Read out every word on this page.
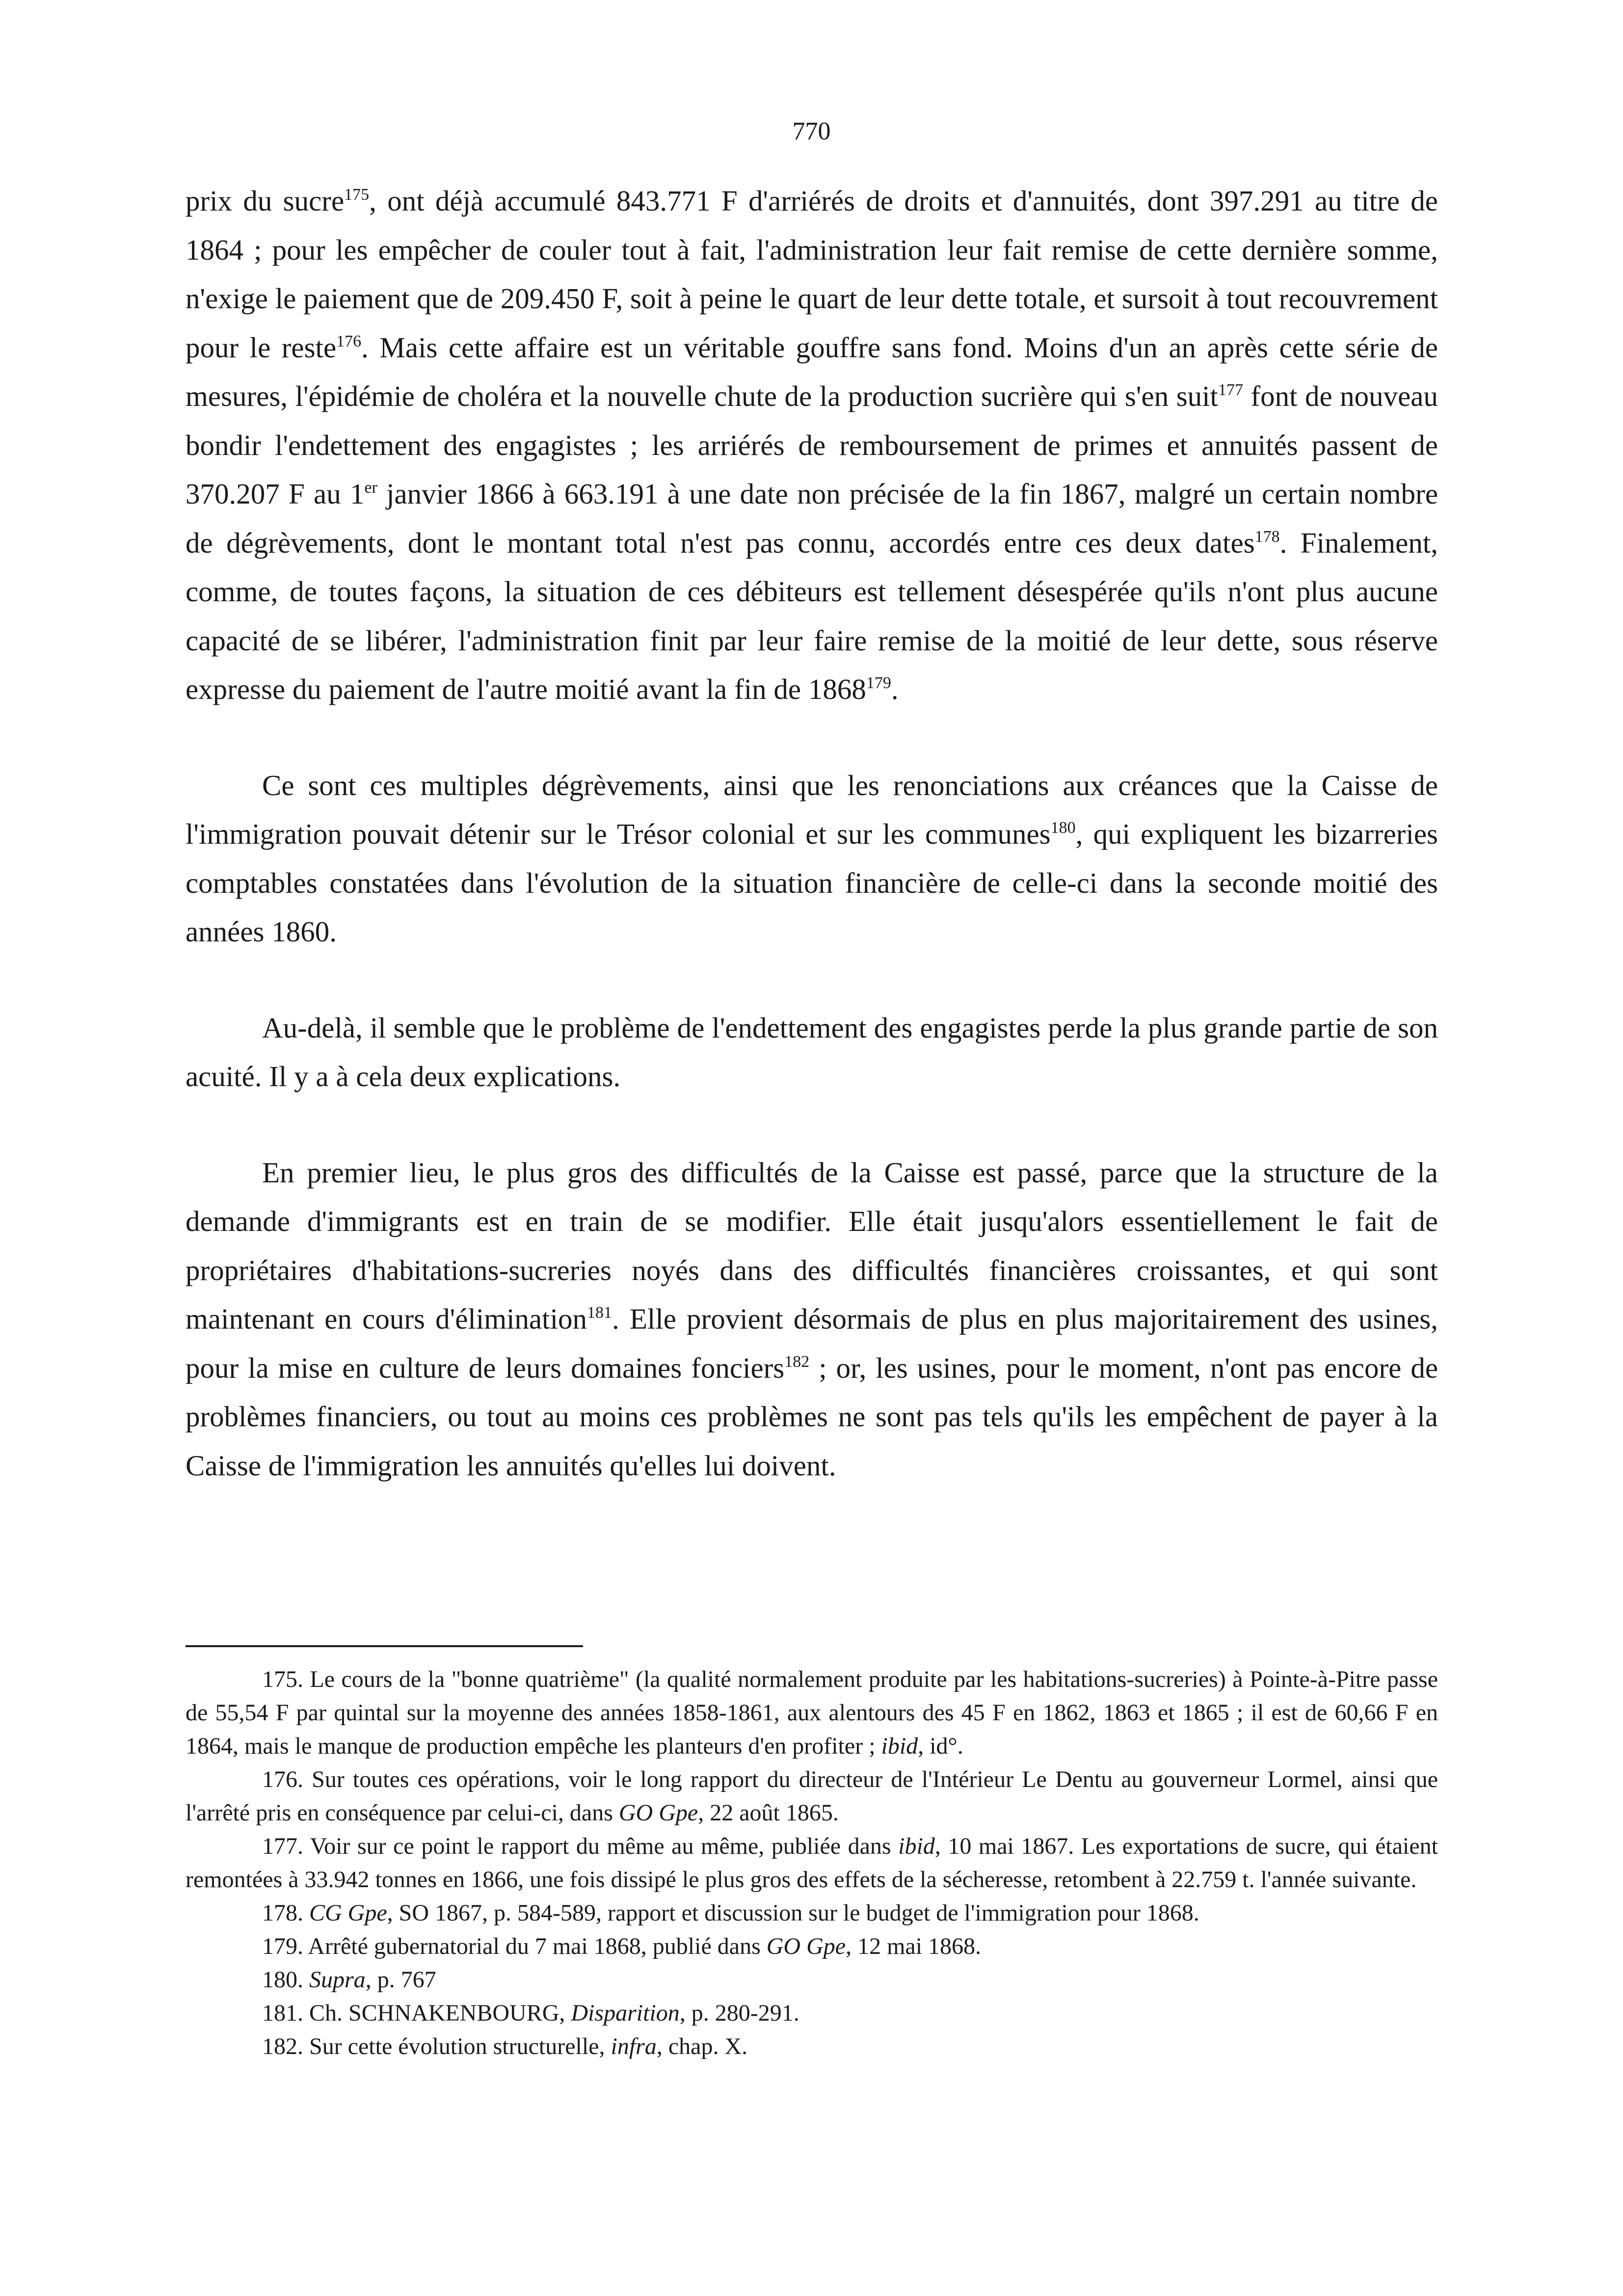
770

prix du sucre$^{175}$, ont déjà accumulé 843.771 F d'arriérés de droits et d'annuités, dont 397.291 au titre de 1864 ; pour les empêcher de couler tout à fait, l'administration leur fait remise de cette dernière somme, n'exige le paiement que de 209.450 F, soit à peine le quart de leur dette totale, et sursoit à tout recouvrement pour le reste$^{176}$. Mais cette affaire est un véritable gouffre sans fond. Moins d'un an après cette série de mesures, l'épidémie de choléra et la nouvelle chute de la production sucrière qui s'en suit$^{177}$ font de nouveau bondir l'endettement des engagistes ; les arriérés de remboursement de primes et annuités passent de 370.207 F au 1er janvier 1866 à 663.191 à une date non précisée de la fin 1867, malgré un certain nombre de dégrèvements, dont le montant total n'est pas connu, accordés entre ces deux dates$^{178}$. Finalement, comme, de toutes façons, la situation de ces débiteurs est tellement désespérée qu'ils n'ont plus aucune capacité de se libérer, l'administration finit par leur faire remise de la moitié de leur dette, sous réserve expresse du paiement de l'autre moitié avant la fin de 1868$^{179}$.

Ce sont ces multiples dégrèvements, ainsi que les renonciations aux créances que la Caisse de l'immigration pouvait détenir sur le Trésor colonial et sur les communes$^{180}$, qui expliquent les bizarreries comptables constatées dans l'évolution de la situation financière de celle-ci dans la seconde moitié des années 1860.

Au-delà, il semble que le problème de l'endettement des engagistes perde la plus grande partie de son acuité. Il y a à cela deux explications.

En premier lieu, le plus gros des difficultés de la Caisse est passé, parce que la structure de la demande d'immigrants est en train de se modifier. Elle était jusqu'alors essentiellement le fait de propriétaires d'habitations-sucreries noyés dans des difficultés financières croissantes, et qui sont maintenant en cours d'élimination$^{181}$. Elle provient désormais de plus en plus majoritairement des usines, pour la mise en culture de leurs domaines fonciers$^{182}$ ; or, les usines, pour le moment, n'ont pas encore de problèmes financiers, ou tout au moins ces problèmes ne sont pas tels qu'ils les empêchent de payer à la Caisse de l'immigration les annuités qu'elles lui doivent.

175. Le cours de la "bonne quatrième" (la qualité normalement produite par les habitations-sucreries) à Pointe-à-Pitre passe de 55,54 F par quintal sur la moyenne des années 1858-1861, aux alentours des 45 F en 1862, 1863 et 1865 ; il est de 60,66 F en 1864, mais le manque de production empêche les planteurs d'en profiter ; ibid, id°.

176. Sur toutes ces opérations, voir le long rapport du directeur de l'Intérieur Le Dentu au gouverneur Lormel, ainsi que l'arrêté pris en conséquence par celui-ci, dans GO Gpe, 22 août 1865.

177. Voir sur ce point le rapport du même au même, publiée dans ibid, 10 mai 1867. Les exportations de sucre, qui étaient remontées à 33.942 tonnes en 1866, une fois dissipé le plus gros des effets de la sécheresse, retombent à 22.759 t. l'année suivante.

178. CG Gpe, SO 1867, p. 584-589, rapport et discussion sur le budget de l'immigration pour 1868.

179. Arrêté gubernatorial du 7 mai 1868, publié dans GO Gpe, 12 mai 1868.

180. Supra, p. 767

181. Ch. SCHNAKENBOURG, Disparition, p. 280-291.

182. Sur cette évolution structurelle, infra, chap. X.
